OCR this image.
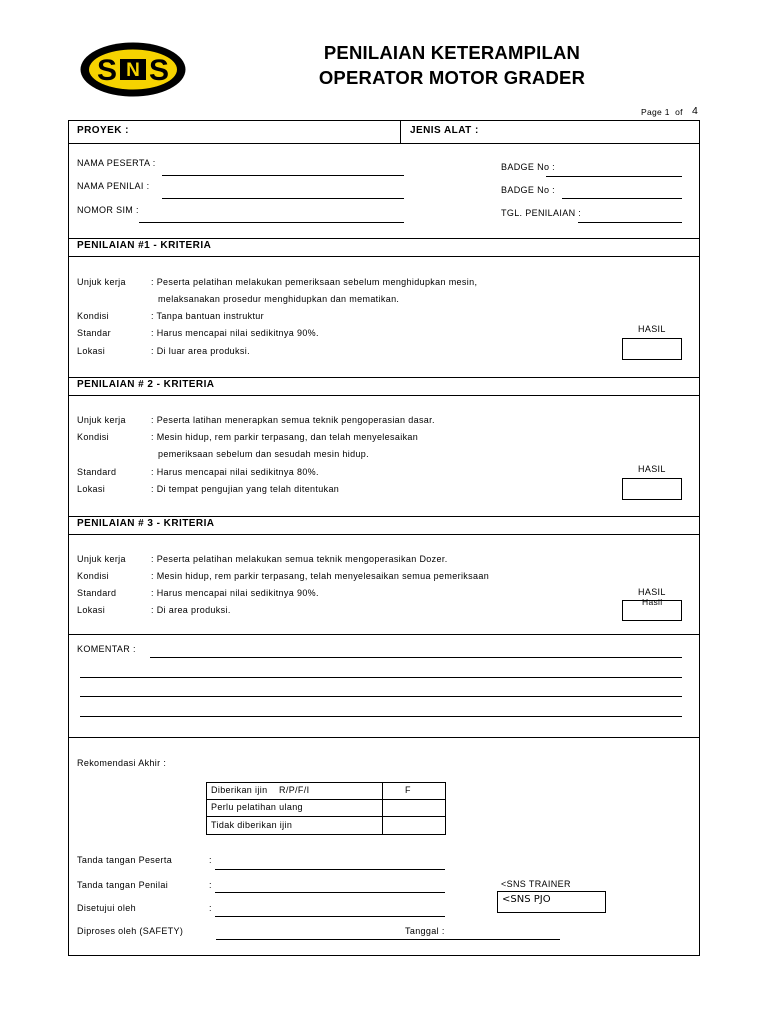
S N S
PENILAIAN KETERAMPILAN
OPERATOR MOTOR GRADER
Page 1  of 4
PROYEK :	JENIS ALAT :
NAMA PESERTA :
NAMA PENILAI :
NOMOR SIM :
BADGE No :
BADGE No :
TGL. PENILAIAN :
PENILAIAN #1 - KRITERIA
Unjuk kerja	: Peserta pelatihan melakukan pemeriksaan sebelum menghidupkan mesin,
melaksanakan prosedur menghidupkan dan mematikan.
Kondisi	: Tanpa bantuan instruktur
Standar	: Harus mencapai nilai sedikitnya 90%.
Lokasi	: Di luar area produksi.
HASIL
PENILAIAN # 2 - KRITERIA
Unjuk kerja	: Peserta latihan menerapkan semua teknik pengoperasian dasar.
Kondisi	: Mesin hidup, rem parkir terpasang, dan telah menyelesaikan
pemeriksaan sebelum dan sesudah mesin hidup.
Standard	: Harus mencapai nilai sedikitnya 80%.
Lokasi	: Di tempat pengujian yang telah ditentukan
HASIL
PENILAIAN # 3 - KRITERIA
Unjuk kerja	: Peserta pelatihan melakukan semua teknik mengoperasikan Dozer.
Kondisi	: Mesin hidup, rem parkir terpasang, telah menyelesaikan semua pemeriksaan
Standard	: Harus mencapai nilai sedikitnya 90%.
Lokasi	: Di area produksi.
HASIL
Hasil
KOMENTAR :
Rekomendasi Akhir :
Diberikan ijin R/P/F/I	F
Perlu pelatihan ulang
Tidak diberikan ijin
Tanda tangan Peserta	:
Tanda tangan Penilai	:	<SNS TRAINER
<SNS PJO
Disetujui oleh	:
Diproses oleh (SAFETY)	Tanggal :
